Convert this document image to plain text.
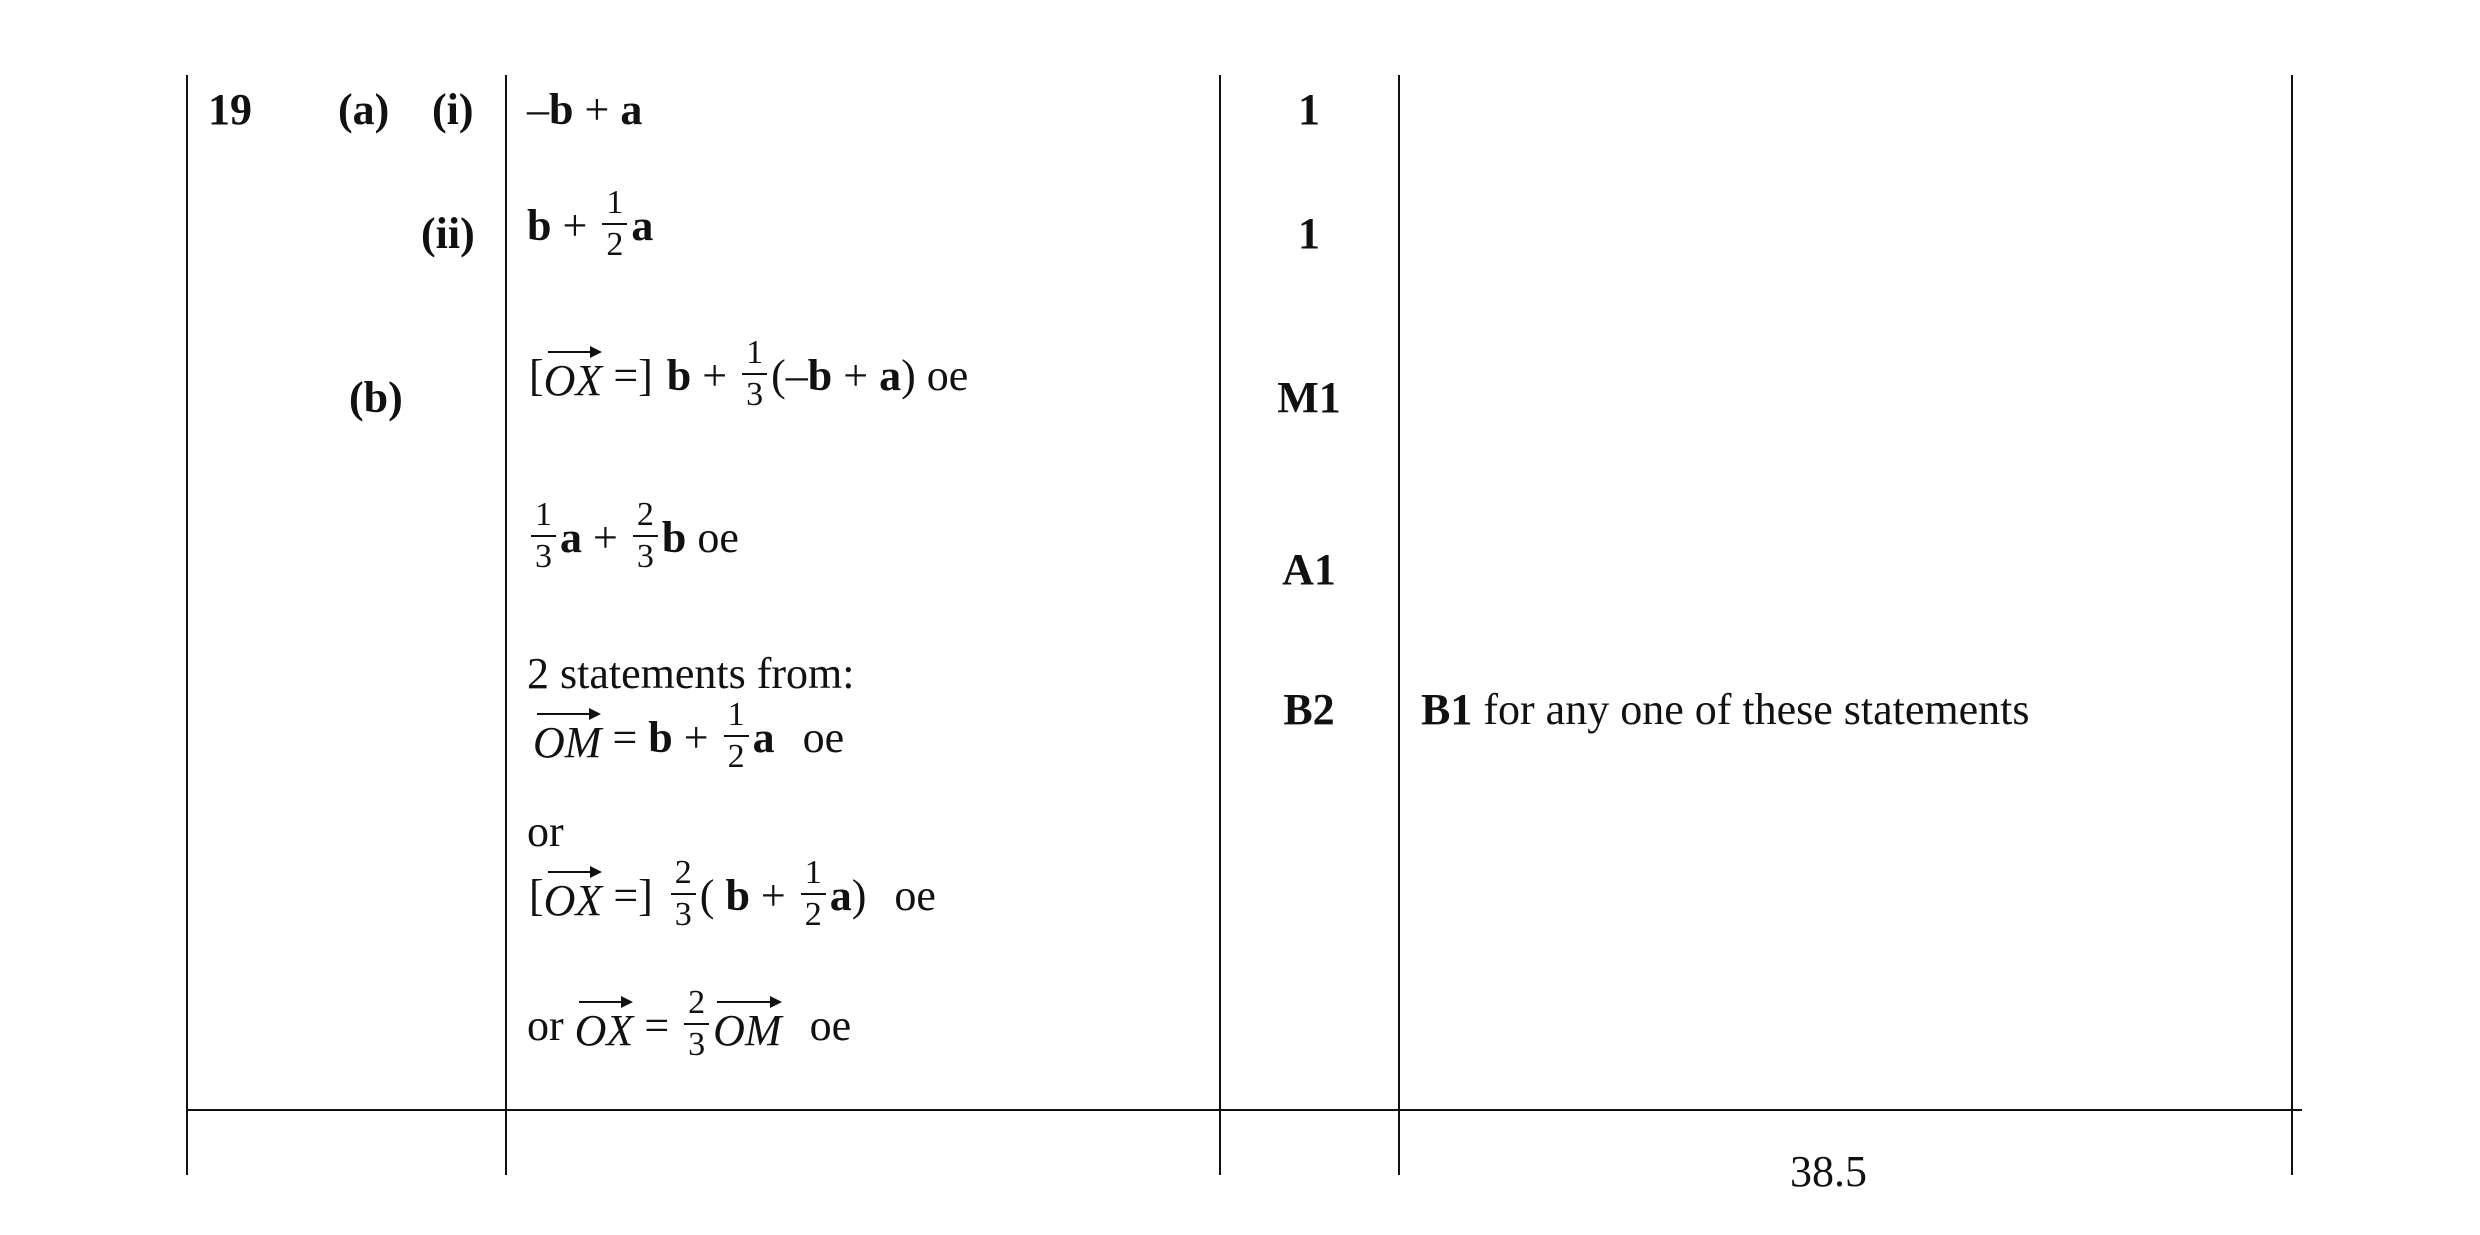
19 (a) (i)
(ii)
(b)
– b + a
$b + \frac{1}{2}$ a
[ OX =] $b + \frac{1}{3}$ (– b + a ) oe
$\frac{1}{3}$ $a + \frac{2}{3}$ b oe
2 statements from:
OM = $b + \frac{1}{2}$ a oe
or
[ OX =] $\frac{2}{3}$ ( $b + \frac{1}{2}$ a ) oe
or OX = $\frac{2}{3}$ OM oe
1
1
M1
A1
B2	B1 for any one of these statements
38.5
